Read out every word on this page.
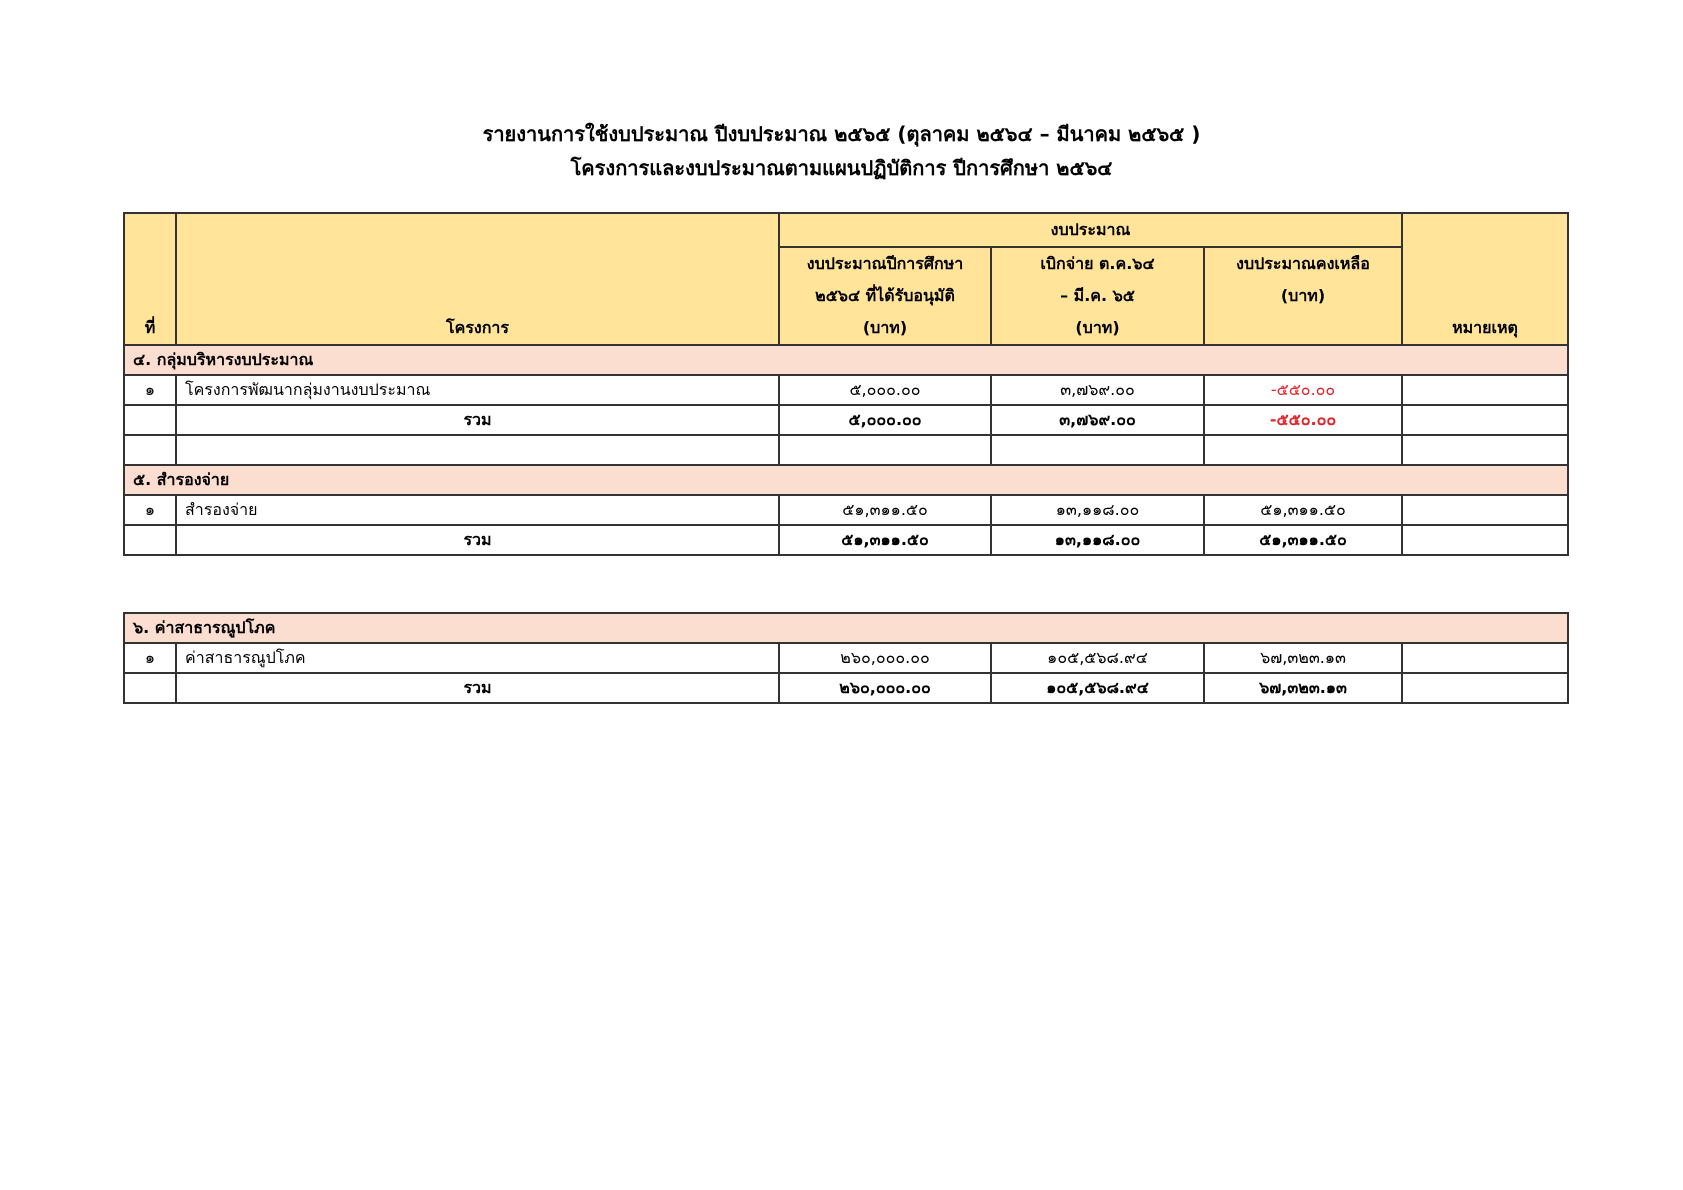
รายงานการใช้งบประมาณ ปีงบประมาณ ๒๕๖๕ (ตุลาคม ๒๕๖๔ – มีนาคม ๒๕๖๕ )
โครงการและงบประมาณตามแผนปฏิบัติการ ปีการศึกษา ๒๕๖๔
ที่	โครงการ	งบประมาณ			หมายเหตุ
		งบประมาณปีการศึกษา	เบิกจ่าย ต.ค.๖๔	งบประมาณคงเหลือ	
		๒๕๖๔ ที่ได้รับอนุมัติ	– มี.ค. ๖๕	(บาท)	
		(บาท)	(บาท)		
๔. กลุ่มบริหารงบประมาณ					
๑	โครงการพัฒนากลุ่มงานงบประมาณ	๕,๐๐๐.๐๐	๓,๗๖๙.๐๐	-๕๕๐.๐๐	
	รวม	๕,๐๐๐.๐๐	๓,๗๖๙.๐๐	-๕๕๐.๐๐	

๕. สำรองจ่าย					
๑	สำรองจ่าย	๕๑,๓๑๑.๕๐	๑๓,๑๑๘.๐๐	๕๑,๓๑๑.๕๐	
	รวม	๕๑,๓๑๑.๕๐	๑๓,๑๑๘.๐๐	๕๑,๓๑๑.๕๐	
๖. ค่าสาธารณูปโภค					
๑	ค่าสาธารณูปโภค	๒๖๐,๐๐๐.๐๐	๑๐๕,๕๖๘.๙๔	๖๗,๓๒๓.๑๓	
	รวม	๒๖๐,๐๐๐.๐๐	๑๐๕,๕๖๘.๙๔	๖๗,๓๒๓.๑๓	
